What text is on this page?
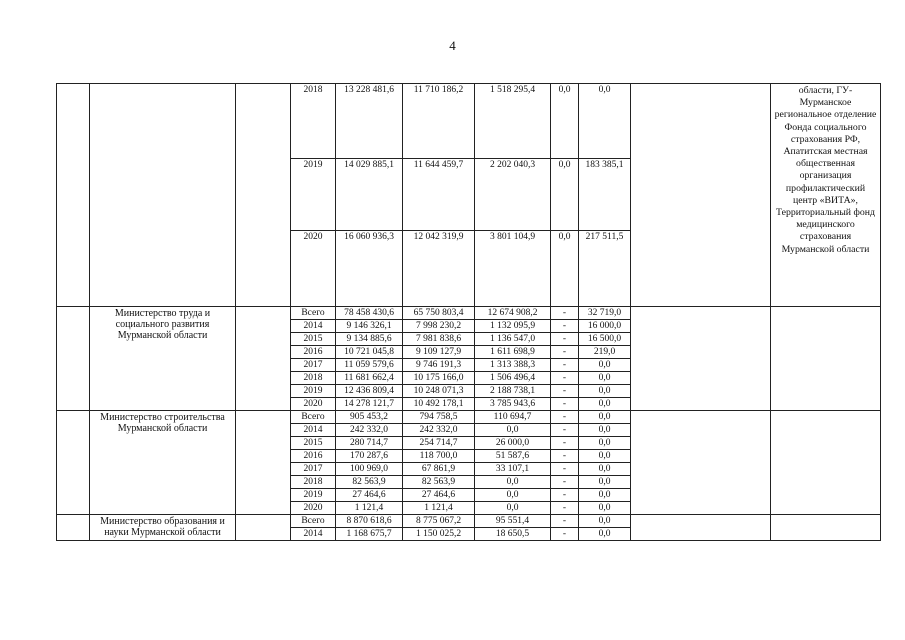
4
			2018	13 228 481,6	11 710 186,2	1 518 295,4	0,0	0,0		области, ГУ-Мурманское региональное отделение Фонда социального страхования РФ, Апатитская местная общественная организация профилактический центр «ВИТА», Территориальный фонд медицинского страхования Мурманской области
			2019	14 029 885,1	11 644 459,7	2 202 040,3	0,0	183 385,1		
			2020	16 060 936,3	12 042 319,9	3 801 104,9	0,0	217 511,5		
	Министерство труда и социального развития Мурманской области		Всего	78 458 430,6	65 750 803,4	12 674 908,2	-	32 719,0		
			2014	9 146 326,1	7 998 230,2	1 132 095,9	-	16 000,0		
			2015	9 134 885,6	7 981 838,6	1 136 547,0	-	16 500,0		
			2016	10 721 045,8	9 109 127,9	1 611 698,9	-	219,0		
			2017	11 059 579,6	9 746 191,3	1 313 388,3	-	0,0		
			2018	11 681 662,4	10 175 166,0	1 506 496,4	-	0,0		
			2019	12 436 809,4	10 248 071,3	2 188 738,1	-	0,0		
			2020	14 278 121,7	10 492 178,1	3 785 943,6	-	0,0		
	Министерство строительства Мурманской области		Всего	905 453,2	794 758,5	110 694,7	-	0,0		
			2014	242 332,0	242 332,0	0,0	-	0,0		
			2015	280 714,7	254 714,7	26 000,0	-	0,0		
			2016	170 287,6	118 700,0	51 587,6	-	0,0		
			2017	100 969,0	67 861,9	33 107,1	-	0,0		
			2018	82 563,9	82 563,9	0,0	-	0,0		
			2019	27 464,6	27 464,6	0,0	-	0,0		
			2020	1 121,4	1 121,4	0,0	-	0,0		
	Министерство образования и науки Мурманской области		Всего	8 870 618,6	8 775 067,2	95 551,4	-	0,0		
			2014	1 168 675,7	1 150 025,2	18 650,5	-	0,0		
